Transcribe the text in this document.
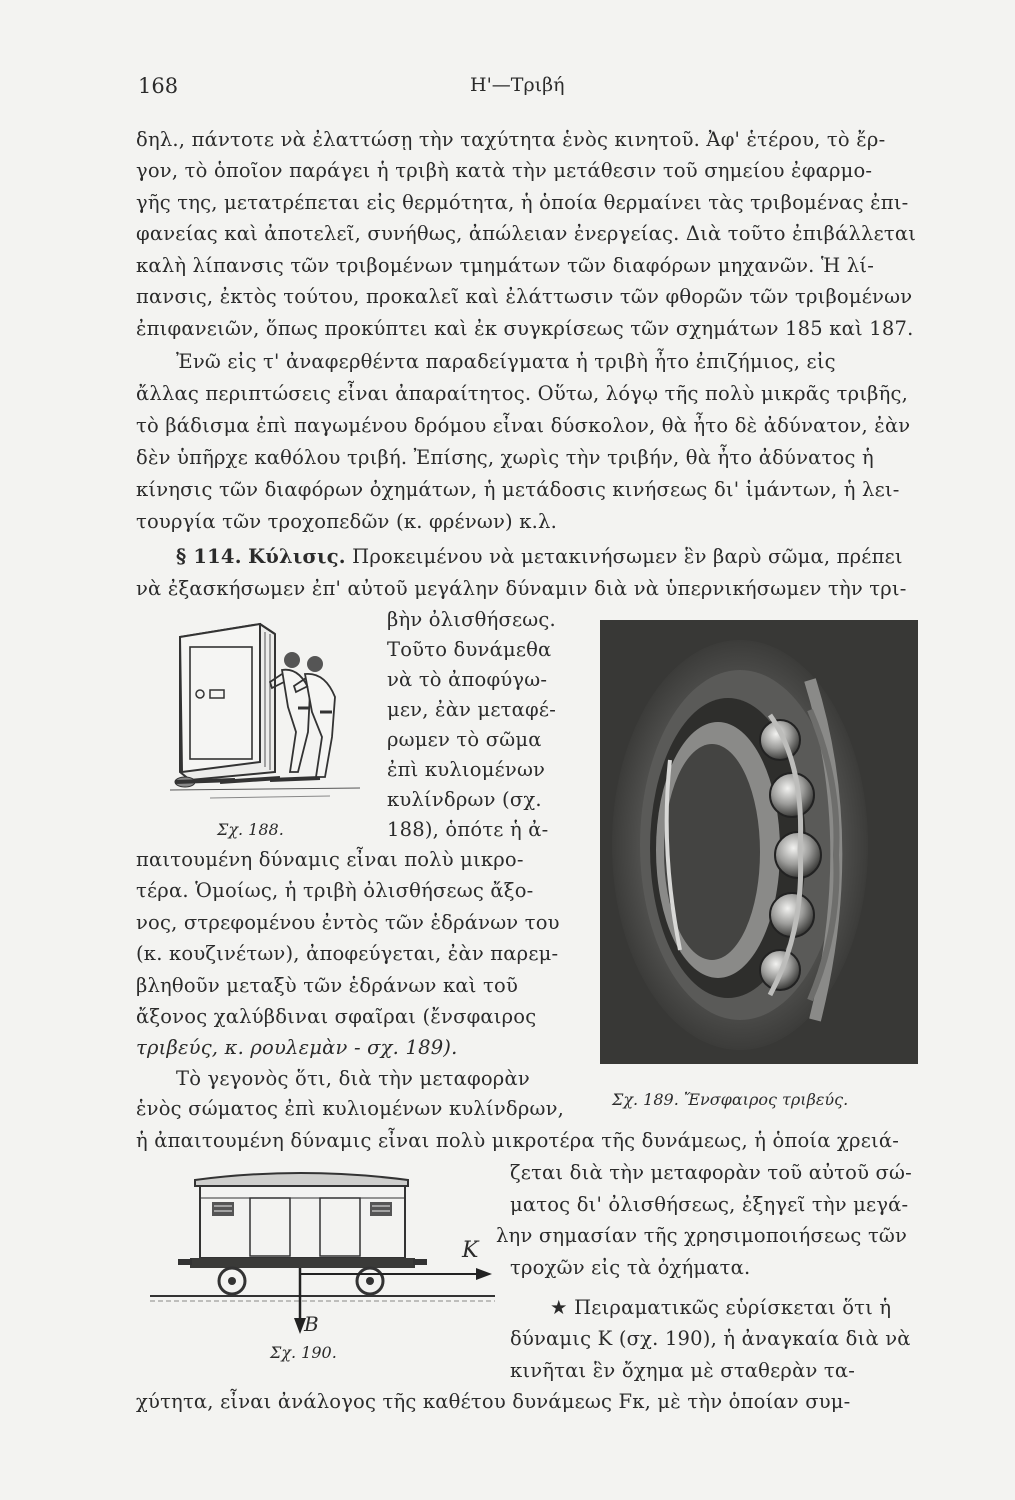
168	Η'—Τριβή
δηλ., πάντοτε νὰ ἐλαττώσῃ τὴν ταχύτητα ἑνὸς κινητοῦ. Ἀφ' ἑτέρου, τὸ ἔρ-
γον, τὸ ὁποῖον παράγει ἡ τριβὴ κατὰ τὴν μετάθεσιν τοῦ σημείου ἐφαρμο-
γῆς της, μετατρέπεται εἰς θερμότητα, ἡ ὁποία θερμαίνει τὰς τριβομένας ἐπι-
φανείας καὶ ἀποτελεῖ, συνήθως, ἀπώλειαν ἐνεργείας. Διὰ τοῦτο ἐπιβάλλεται
καλὴ λίπανσις τῶν τριβομένων τμημάτων τῶν διαφόρων μηχανῶν. Ἡ λί-
πανσις, ἐκτὸς τούτου, προκαλεῖ καὶ ἐλάττωσιν τῶν φθορῶν τῶν τριβομένων
ἐπιφανειῶν, ὅπως προκύπτει καὶ ἐκ συγκρίσεως τῶν σχημάτων 185 καὶ 187.
Ἐνῶ εἰς τ' ἀναφερθέντα παραδείγματα ἡ τριβὴ ἦτο ἐπιζήμιος, εἰς
ἄλλας περιπτώσεις εἶναι ἀπαραίτητος. Οὕτω, λόγῳ τῆς πολὺ μικρᾶς τριβῆς,
τὸ βάδισμα ἐπὶ παγωμένου δρόμου εἶναι δύσκολον, θὰ ἦτο δὲ ἀδύνατον, ἐὰν
δὲν ὑπῆρχε καθόλου τριβή. Ἐπίσης, χωρὶς τὴν τριβήν, θὰ ἦτο ἀδύνατος ἡ
κίνησις τῶν διαφόρων ὀχημάτων, ἡ μετάδοσις κινήσεως δι' ἱμάντων, ἡ λει-
τουργία τῶν τροχοπεδῶν (κ. φρένων) κ.λ.
§ 114. Κύλισις. Προκειμένου νὰ μετακινήσωμεν ἓν βαρὺ σῶμα, πρέπει
νὰ ἐξασκήσωμεν ἐπ' αὐτοῦ μεγάλην δύναμιν διὰ νὰ ὑπερνικήσωμεν τὴν τρι-
βὴν ὀλισθήσεως.
Τοῦτο δυνάμεθα
νὰ τὸ ἀποφύγω-
μεν, ἐὰν μεταφέ-
ρωμεν τὸ σῶμα
ἐπὶ κυλιομένων
κυλίνδρων (σχ.
188), ὁπότε ἡ ἀ-
Σχ. 188.
Σχ. 189. Ἔνσφαιρος τριβεύς.
παιτουμένη δύναμις εἶναι πολὺ μικρο-
τέρα. Ὁμοίως, ἡ τριβὴ ὀλισθήσεως ἄξο-
νος, στρεφομένου ἐντὸς τῶν ἑδράνων του
(κ. κουζινέτων), ἀποφεύγεται, ἐὰν παρεμ-
βληθοῦν μεταξὺ τῶν ἑδράνων καὶ τοῦ
ἄξονος χαλύβδιναι σφαῖραι (ἔνσφαιρος
τριβεύς, κ. ρουλεμὰν - σχ. 189).
Τὸ γεγονὸς ὅτι, διὰ τὴν μεταφορὰν
ἑνὸς σώματος ἐπὶ κυλιομένων κυλίνδρων,
ἡ ἀπαιτουμένη δύναμις εἶναι πολὺ μικροτέρα τῆς δυνάμεως, ἡ ὁποία χρειά-
ζεται διὰ τὴν μεταφορὰν τοῦ αὐτοῦ σώ-
ματος δι' ὀλισθήσεως, ἐξηγεῖ τὴν μεγά-
λην σημασίαν τῆς χρησιμοποιήσεως τῶν
τροχῶν εἰς τὰ ὀχήματα.
K
B
Σχ. 190.
★ Πειραματικῶς εὑρίσκεται ὅτι ἡ
δύναμις Κ (σχ. 190), ἡ ἀναγκαία διὰ νὰ
κινῆται ἓν ὄχημα μὲ σταθερὰν τα-
χύτητα, εἶναι ἀνάλογος τῆς καθέτου δυνάμεως Fκ, μὲ τὴν ὁποίαν συμ-
